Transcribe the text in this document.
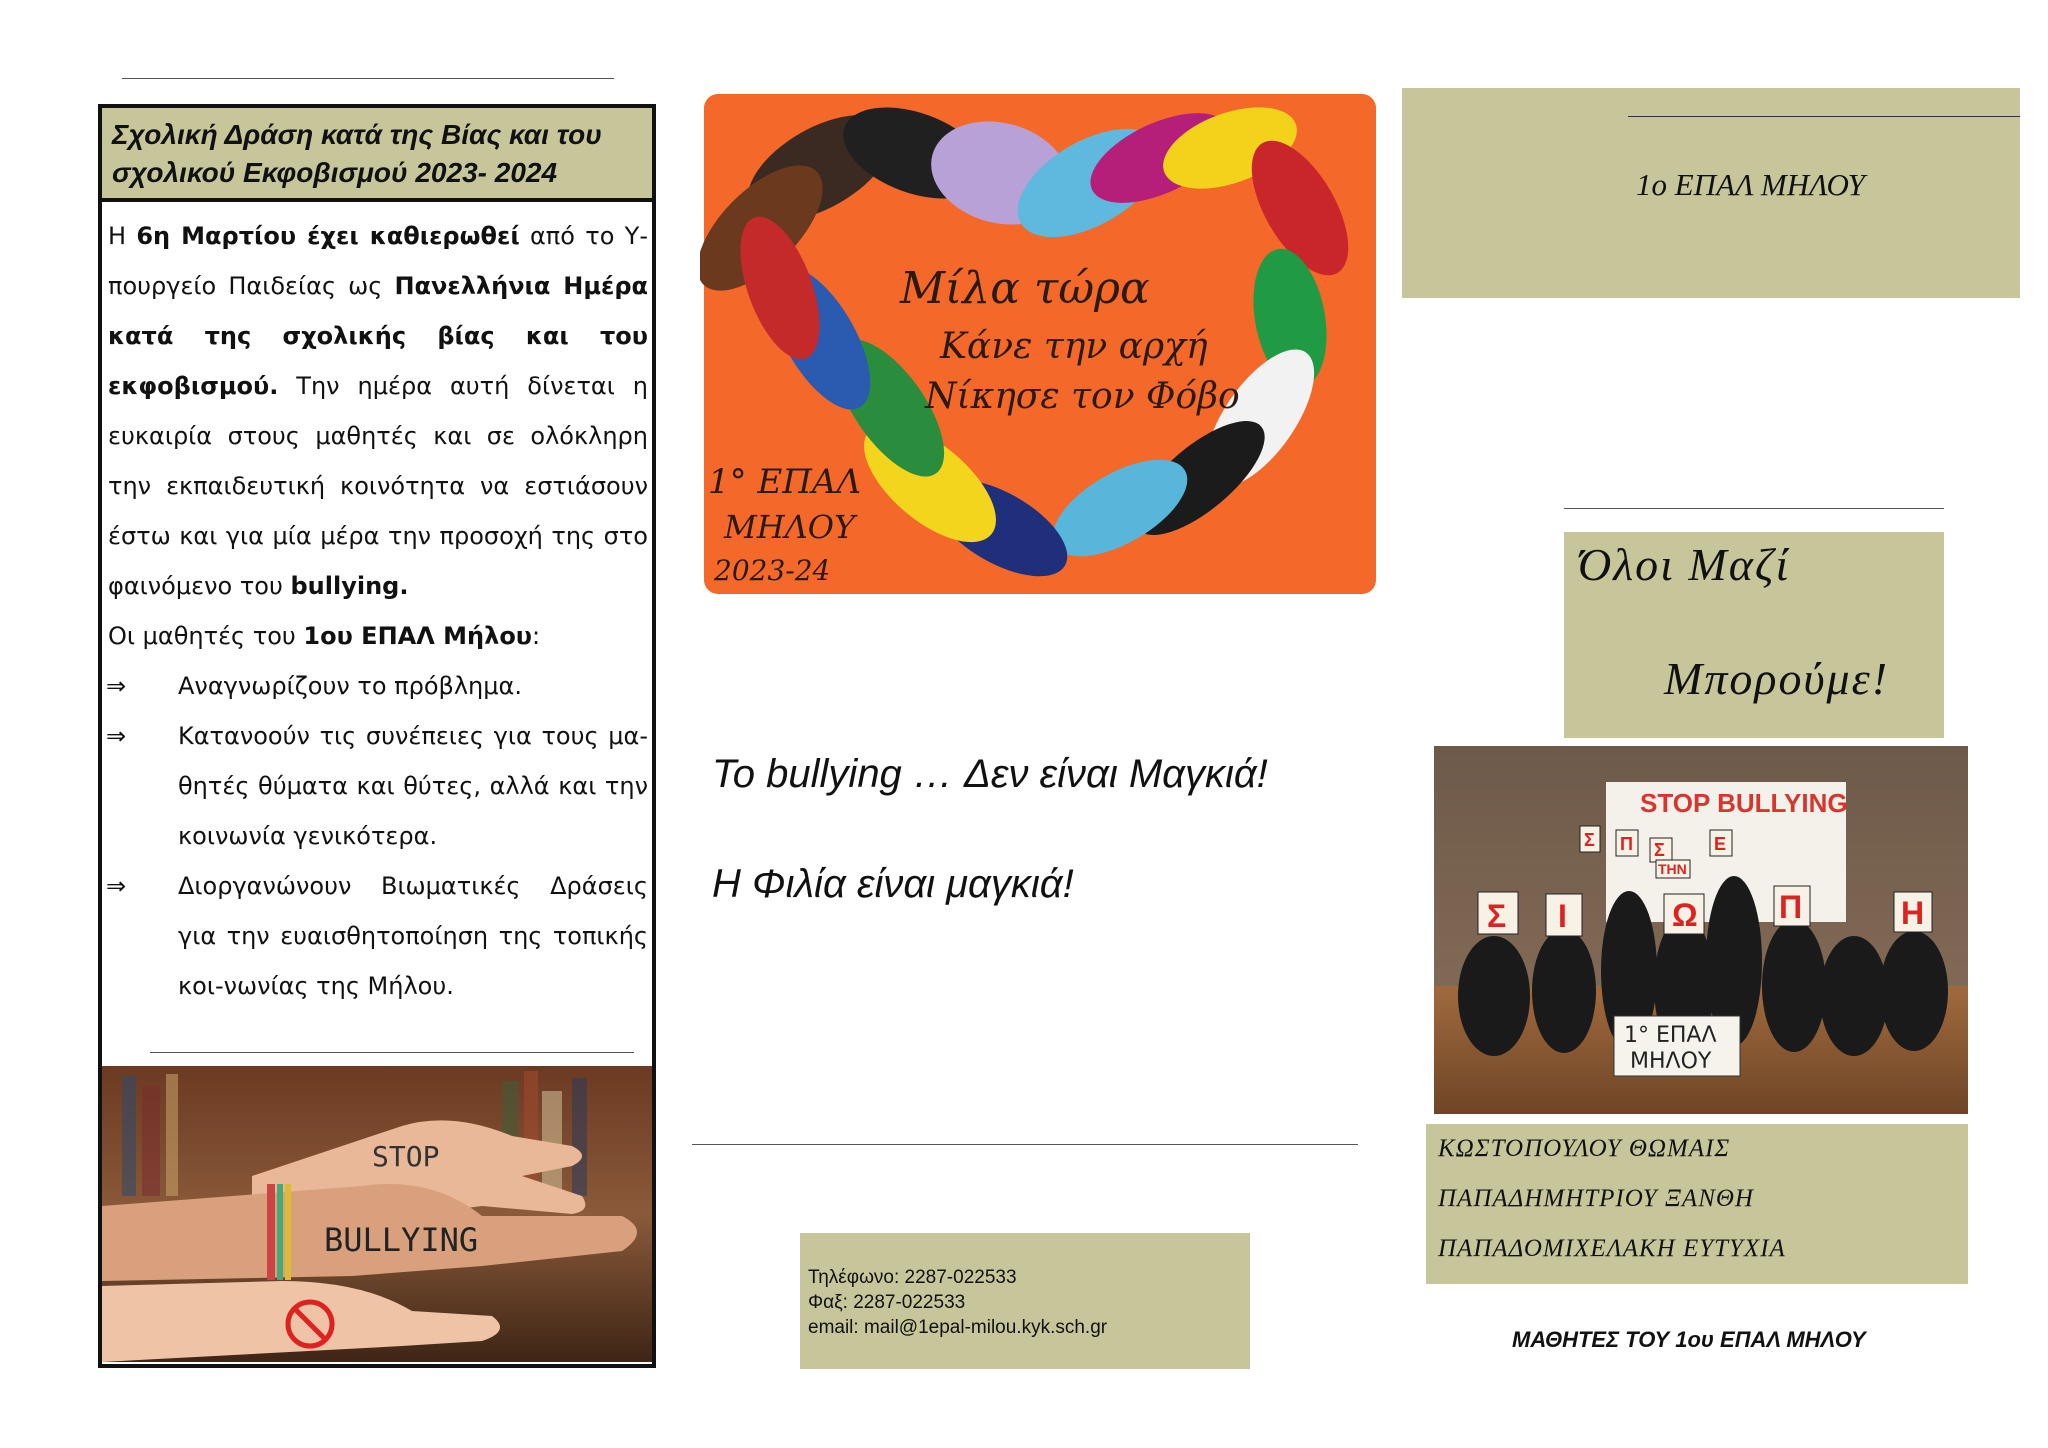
Σχολική Δράση κατά της Βίας και του
σχολικού Εκφοβισμού 2023- 2024
Η 6η Μαρτίου έχει καθιερωθεί από το Υ-πουργείο Παιδείας ως Πανελλήνια Ημέρα κατά της σχολικής βίας και του εκφοβισμού. Την ημέρα αυτή δίνεται η ευκαιρία στους μαθητές και σε ολόκληρη την εκπαιδευτική κοινότητα να εστιάσουν έστω και για μία μέρα την προσοχή της στο φαινόμενο του bullying.
Οι μαθητές του 1ου ΕΠΑΛ Μήλου:
⇒	Αναγνωρίζουν το πρόβλημα.
⇒	Κατανοούν τις συνέπειες για τους μα-θητές θύματα και θύτες, αλλά και την κοινωνία γενικότερα.
⇒	Διοργανώνουν Βιωματικές Δράσεις για την ευαισθητοποίηση της τοπικής κοι-νωνίας της Μήλου.
STOP
BULLYING
Μίλα τώρα
Κάνε την αρχή
Νίκησε τον Φόβο
1° ΕΠΑΛ
ΜΗΛΟΥ
2023-24
Το bullying … Δεν είναι Μαγκιά!
Η Φιλία είναι μαγκιά!
Τηλέφωνο: 2287-022533
Φαξ: 2287-022533
email: mail@1epal-milou.kyk.sch.gr
1ο ΕΠΑΛ ΜΗΛΟΥ
Όλοι Μαζί
Μπορούμε!
STOP BULLYING
Σ Ι	Ω	Π	Η
Σ Π Σ	Ε
ΤΗΝ
1° ΕΠΑΛ
ΜΗΛΟΥ
ΚΩΣΤΟΠΟΥΛΟΥ ΘΩΜΑΙΣ
ΠΑΠΑΔΗΜΗΤΡΙΟΥ ΞΑΝΘΗ
ΠΑΠΑΔΟΜΙΧΕΛΑΚΗ ΕΥΤΥΧΙΑ
ΜΑΘΗΤΕΣ ΤΟΥ 1ου ΕΠΑΛ ΜΗΛΟΥ
